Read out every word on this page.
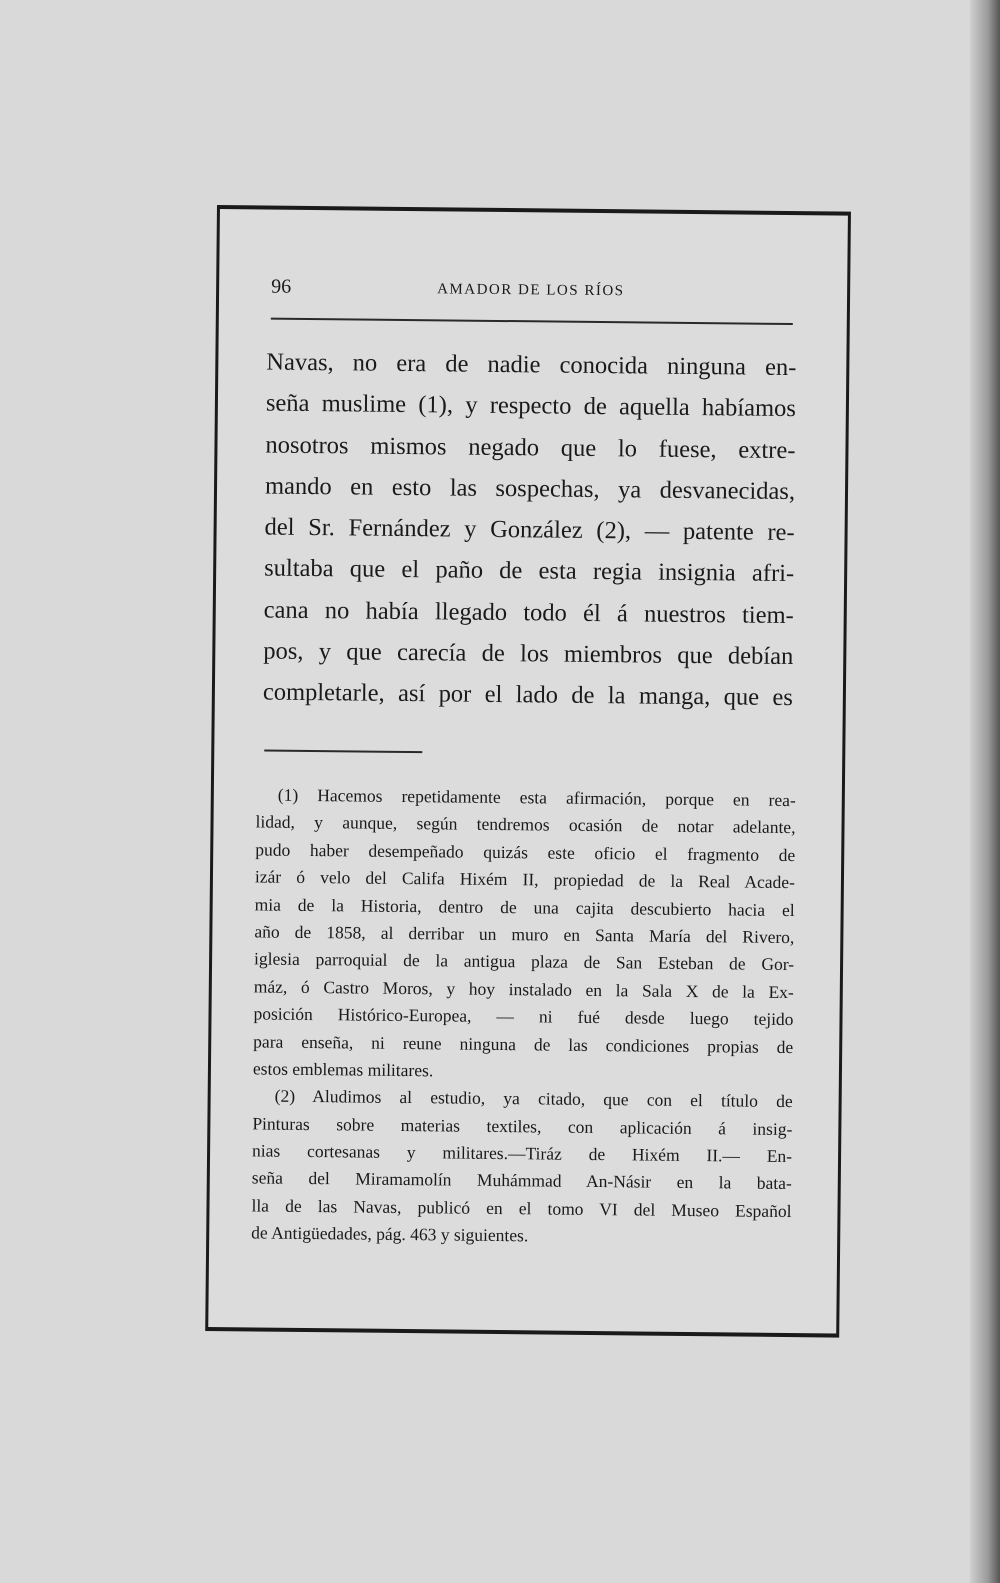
96	AMADOR DE LOS RÍOS
Navas, no era de nadie conocida ninguna en-
seña muslime (1), y respecto de aquella habíamos
nosotros mismos negado que lo fuese, extre-
mando en esto las sospechas, ya desvanecidas,
del Sr. Fernández y González (2), — patente re-
sultaba que el paño de esta regia insignia afri-
cana no había llegado todo él á nuestros tiem-
pos, y que carecía de los miembros que debían
completarle, así por el lado de la manga, que es
(1) Hacemos repetidamente esta afirmación, porque en rea-
lidad, y aunque, según tendremos ocasión de notar adelante,
pudo haber desempeñado quizás este oficio el fragmento de
izár ó velo del Califa Hixém II, propiedad de la Real Acade-
mia de la Historia, dentro de una cajita descubierto hacia el
año de 1858, al derribar un muro en Santa María del Rivero,
iglesia parroquial de la antigua plaza de San Esteban de Gor-
máz, ó Castro Moros, y hoy instalado en la Sala X de la Ex-
posición Histórico-Europea, — ni fué desde luego tejido
para enseña, ni reune ninguna de las condiciones propias de
estos emblemas militares.
(2) Aludimos al estudio, ya citado, que con el título de
Pinturas sobre materias textiles, con aplicación á insig-
nias cortesanas y militares.—Tiráz de Hixém II.— En-
seña del Miramamolín Muhámmad An-Násir en la bata-
lla de las Navas, publicó en el tomo VI del Museo Español
de Antigüedades, pág. 463 y siguientes.
